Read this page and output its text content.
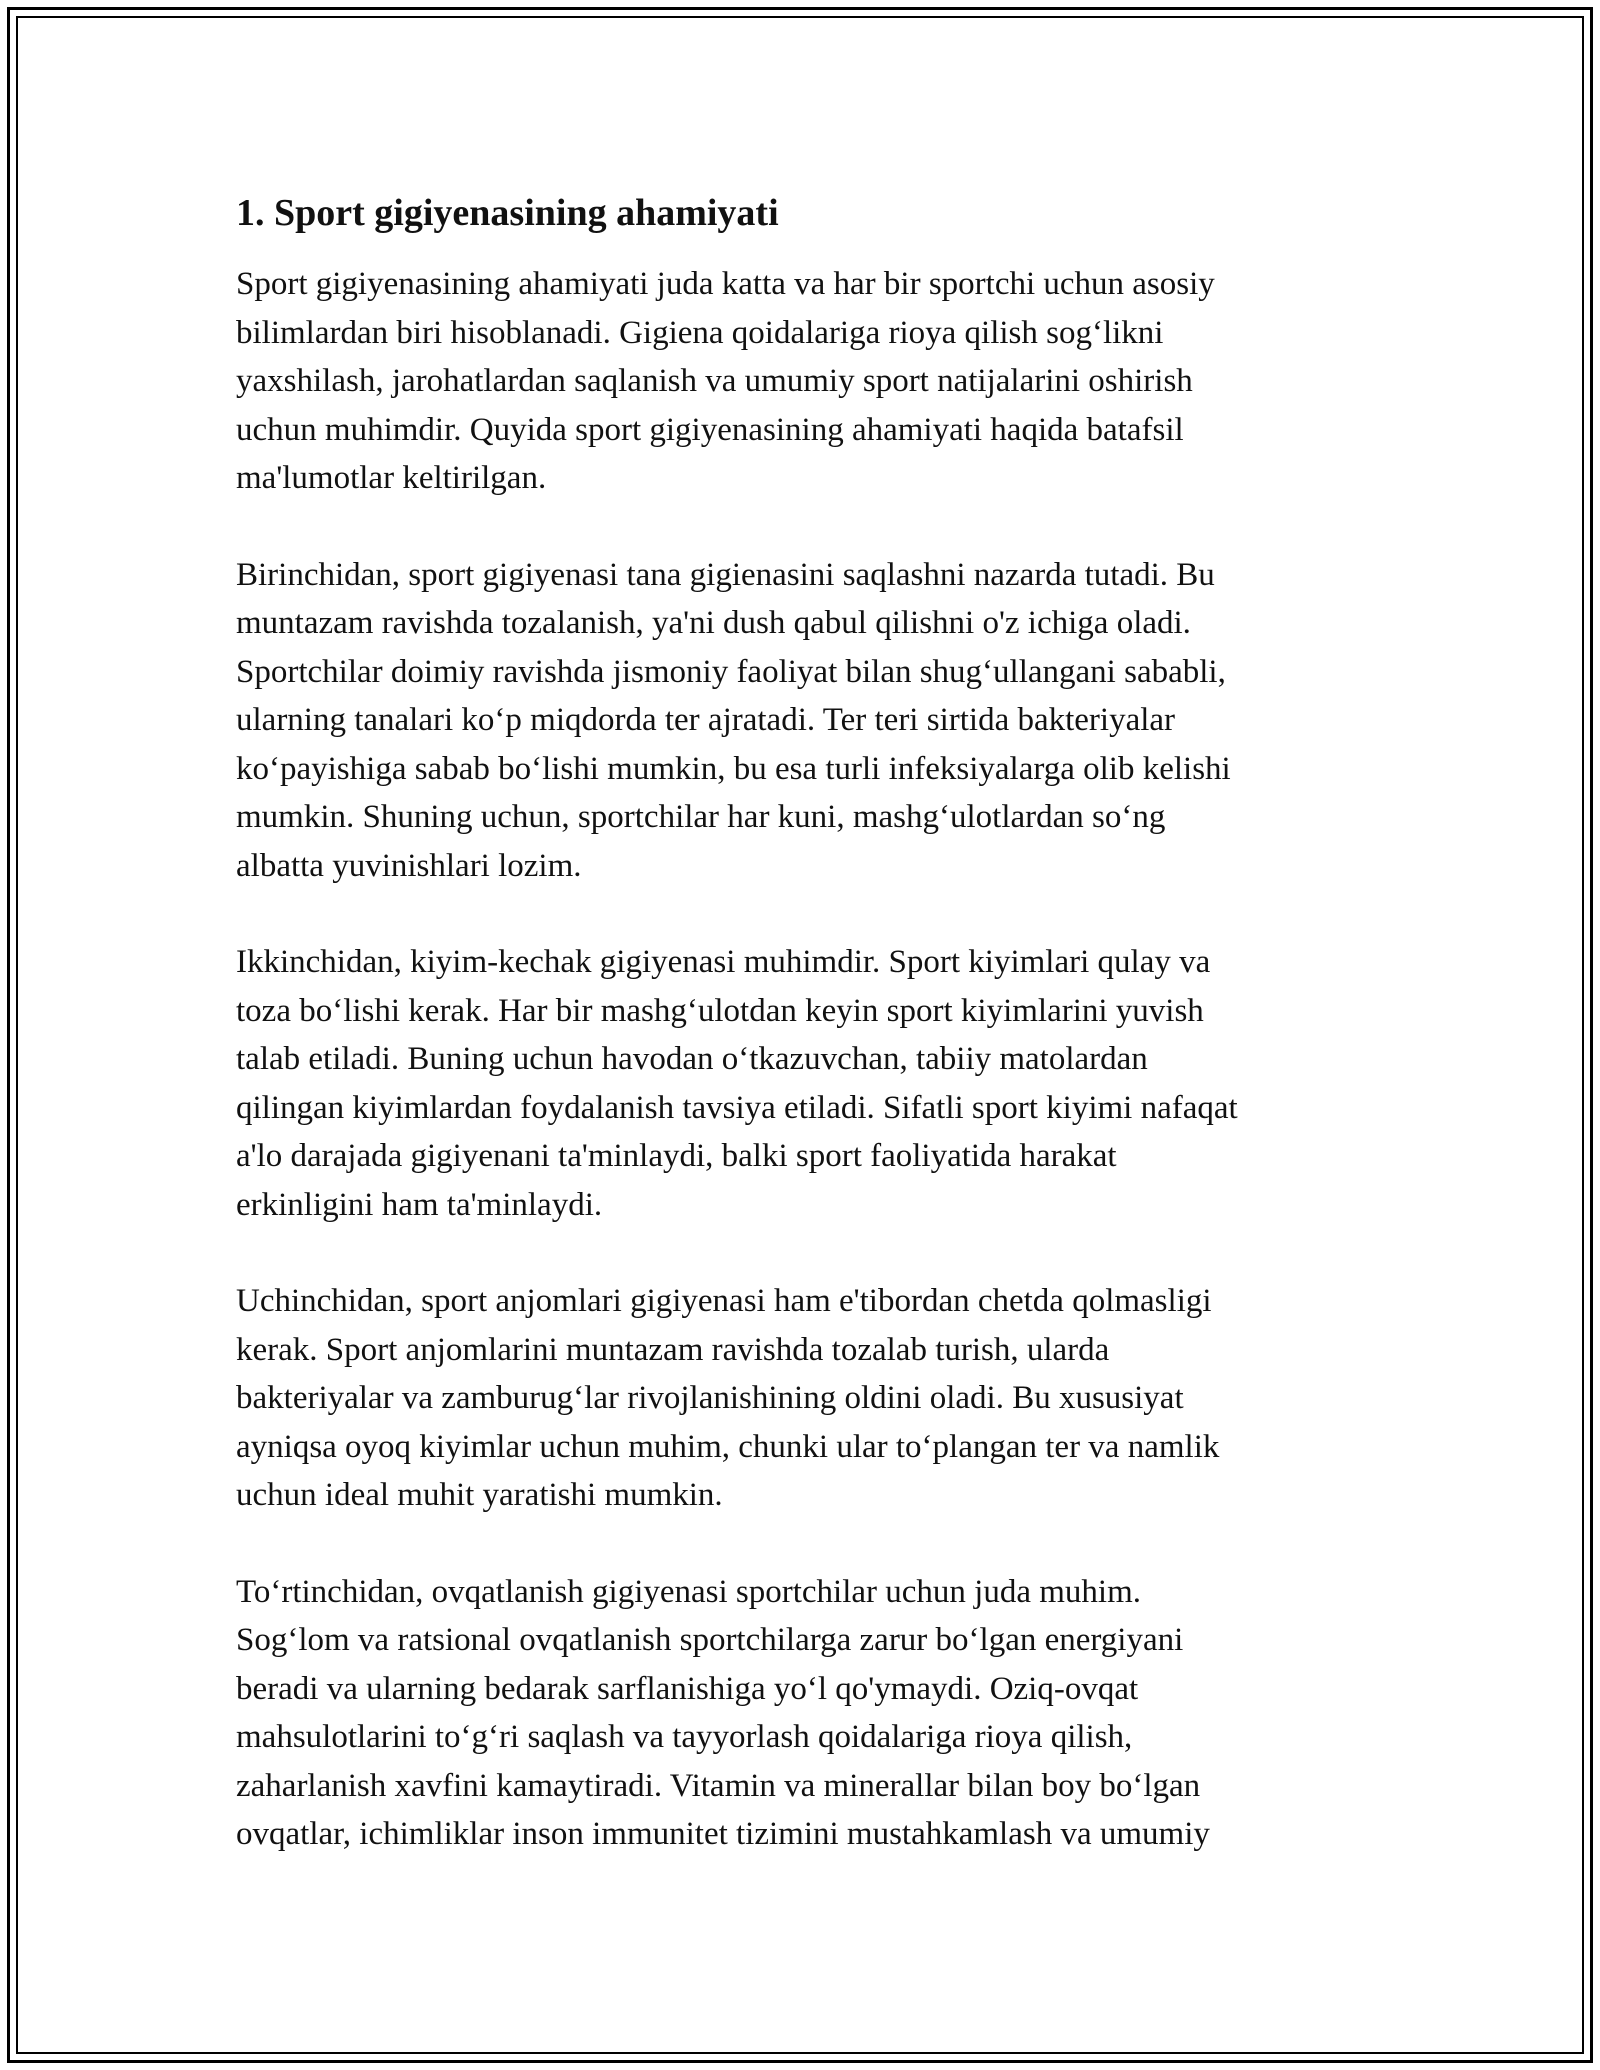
1. Sport gigiyenasining ahamiyati

Sport gigiyenasining ahamiyati juda katta va har bir sportchi uchun asosiy
bilimlardan biri hisoblanadi. Gigiena qoidalariga rioya qilish sog‘likni
yaxshilash, jarohatlardan saqlanish va umumiy sport natijalarini oshirish
uchun muhimdir. Quyida sport gigiyenasining ahamiyati haqida batafsil
ma'lumotlar keltirilgan.

Birinchidan, sport gigiyenasi tana gigienasini saqlashni nazarda tutadi. Bu
muntazam ravishda tozalanish, ya'ni dush qabul qilishni o'z ichiga oladi.
Sportchilar doimiy ravishda jismoniy faoliyat bilan shug‘ullangani sababli,
ularning tanalari ko‘p miqdorda ter ajratadi. Ter teri sirtida bakteriyalar
ko‘payishiga sabab bo‘lishi mumkin, bu esa turli infeksiyalarga olib kelishi
mumkin. Shuning uchun, sportchilar har kuni, mashg‘ulotlardan so‘ng
albatta yuvinishlari lozim.

Ikkinchidan, kiyim-kechak gigiyenasi muhimdir. Sport kiyimlari qulay va
toza bo‘lishi kerak. Har bir mashg‘ulotdan keyin sport kiyimlarini yuvish
talab etiladi. Buning uchun havodan o‘tkazuvchan, tabiiy matolardan
qilingan kiyimlardan foydalanish tavsiya etiladi. Sifatli sport kiyimi nafaqat
a'lo darajada gigiyenani ta'minlaydi, balki sport faoliyatida harakat
erkinligini ham ta'minlaydi.

Uchinchidan, sport anjomlari gigiyenasi ham e'tibordan chetda qolmasligi
kerak. Sport anjomlarini muntazam ravishda tozalab turish, ularda
bakteriyalar va zamburug‘lar rivojlanishining oldini oladi. Bu xususiyat
ayniqsa oyoq kiyimlar uchun muhim, chunki ular to‘plangan ter va namlik
uchun ideal muhit yaratishi mumkin.

To‘rtinchidan, ovqatlanish gigiyenasi sportchilar uchun juda muhim.
Sog‘lom va ratsional ovqatlanish sportchilarga zarur bo‘lgan energiyani
beradi va ularning bedarak sarflanishiga yo‘l qo'ymaydi. Oziq-ovqat
mahsulotlarini to‘g‘ri saqlash va tayyorlash qoidalariga rioya qilish,
zaharlanish xavfini kamaytiradi. Vitamin va minerallar bilan boy bo‘lgan
ovqatlar, ichimliklar inson immunitet tizimini mustahkamlash va umumiy
